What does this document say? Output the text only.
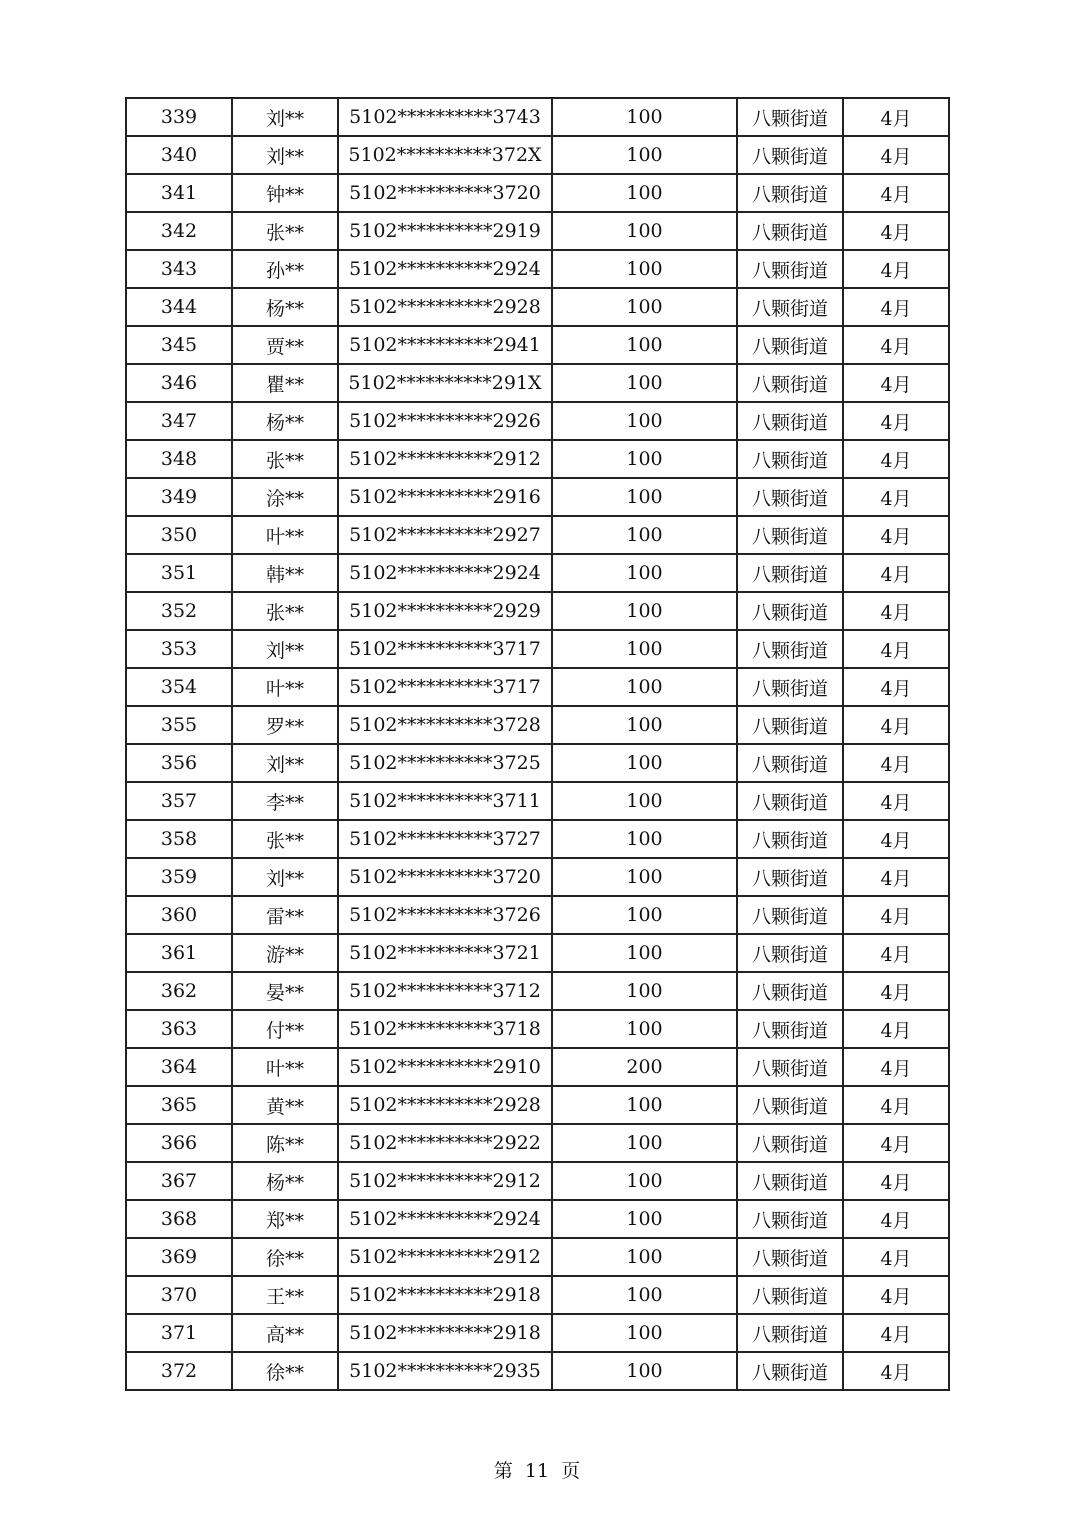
339	刘**	5102**********3743	100	八颗街道	4月
340	刘**	5102**********372X	100	八颗街道	4月
341	钟**	5102**********3720	100	八颗街道	4月
342	张**	5102**********2919	100	八颗街道	4月
343	孙**	5102**********2924	100	八颗街道	4月
344	杨**	5102**********2928	100	八颗街道	4月
345	贾**	5102**********2941	100	八颗街道	4月
346	瞿**	5102**********291X	100	八颗街道	4月
347	杨**	5102**********2926	100	八颗街道	4月
348	张**	5102**********2912	100	八颗街道	4月
349	涂**	5102**********2916	100	八颗街道	4月
350	叶**	5102**********2927	100	八颗街道	4月
351	韩**	5102**********2924	100	八颗街道	4月
352	张**	5102**********2929	100	八颗街道	4月
353	刘**	5102**********3717	100	八颗街道	4月
354	叶**	5102**********3717	100	八颗街道	4月
355	罗**	5102**********3728	100	八颗街道	4月
356	刘**	5102**********3725	100	八颗街道	4月
357	李**	5102**********3711	100	八颗街道	4月
358	张**	5102**********3727	100	八颗街道	4月
359	刘**	5102**********3720	100	八颗街道	4月
360	雷**	5102**********3726	100	八颗街道	4月
361	游**	5102**********3721	100	八颗街道	4月
362	晏**	5102**********3712	100	八颗街道	4月
363	付**	5102**********3718	100	八颗街道	4月
364	叶**	5102**********2910	200	八颗街道	4月
365	黄**	5102**********2928	100	八颗街道	4月
366	陈**	5102**********2922	100	八颗街道	4月
367	杨**	5102**********2912	100	八颗街道	4月
368	郑**	5102**********2924	100	八颗街道	4月
369	徐**	5102**********2912	100	八颗街道	4月
370	王**	5102**********2918	100	八颗街道	4月
371	高**	5102**********2918	100	八颗街道	4月
372	徐**	5102**********2935	100	八颗街道	4月
第 11 页
